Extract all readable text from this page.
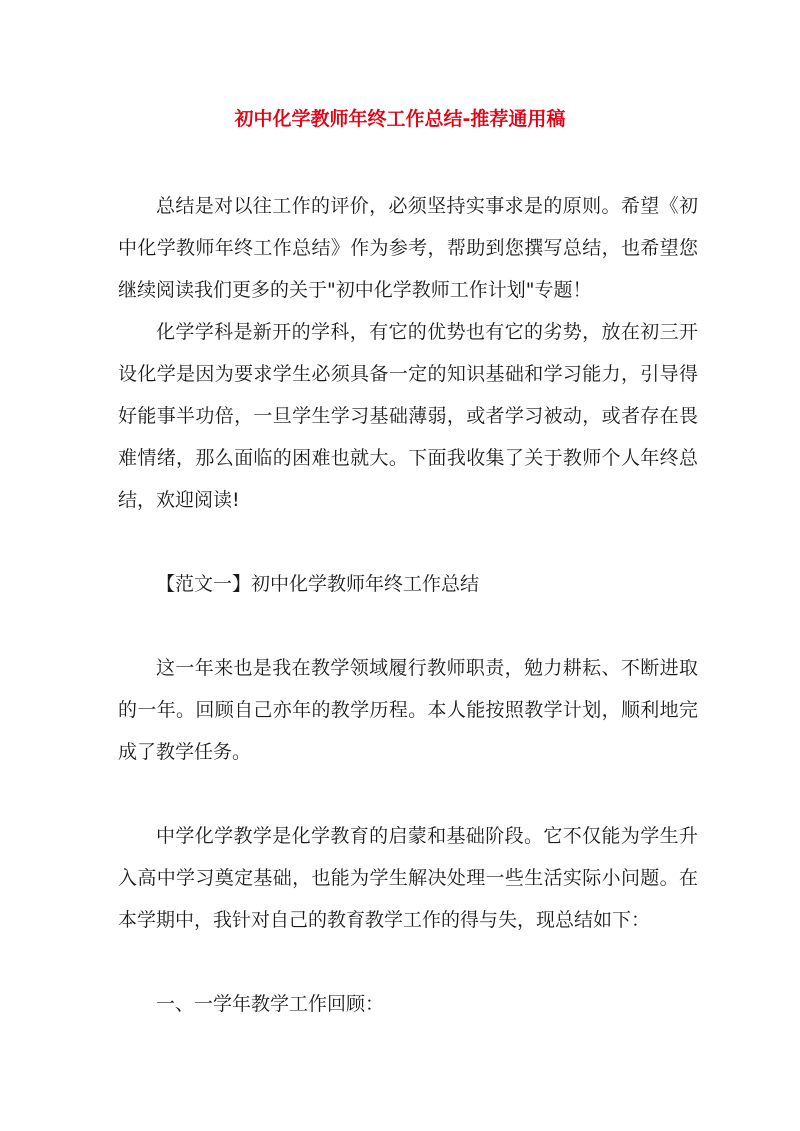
初中化学教师年终工作总结-推荐通用稿

总结是对以往工作的评价，必须坚持实事求是的原则。希望《初中化学教师年终工作总结》作为参考，帮助到您撰写总结，也希望您继续阅读我们更多的关于"初中化学教师工作计划"专题！

化学学科是新开的学科，有它的优势也有它的劣势，放在初三开设化学是因为要求学生必须具备一定的知识基础和学习能力，引导得好能事半功倍，一旦学生学习基础薄弱，或者学习被动，或者存在畏难情绪，那么面临的困难也就大。下面我收集了关于教师个人年终总结，欢迎阅读!

【范文一】初中化学教师年终工作总结

这一年来也是我在教学领域履行教师职责，勉力耕耘、不断进取的一年。回顾自己亦年的教学历程。本人能按照教学计划，顺利地完成了教学任务。

中学化学教学是化学教育的启蒙和基础阶段。它不仅能为学生升入高中学习奠定基础，也能为学生解决处理一些生活实际小问题。在本学期中，我针对自己的教育教学工作的得与失，现总结如下：

一、一学年教学工作回顾：
